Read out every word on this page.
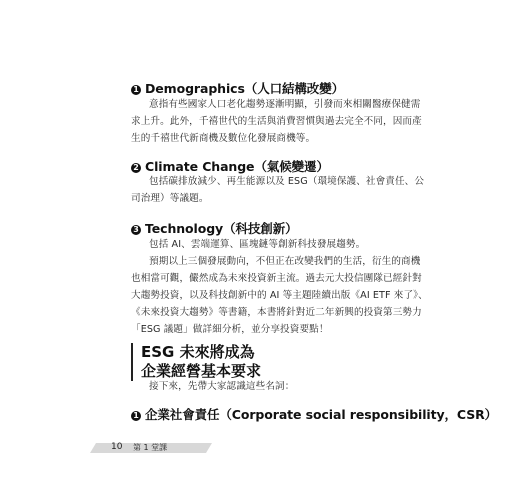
1 Demographics（人口結構改變）
意指有些國家人口老化趨勢逐漸明顯，引發而來相關醫療保健需
求上升。此外，千禧世代的生活與消費習慣與過去完全不同，因而產
生的千禧世代新商機及數位化發展商機等。
2 Climate Change（氣候變遷）
包括碳排放減少、再生能源以及 ESG（環境保護、社會責任、公
司治理）等議題。
3 Technology（科技創新）
包括 AI、雲端運算、區塊鏈等創新科技發展趨勢。
預期以上三個發展動向，不但正在改變我們的生活，衍生的商機
也相當可觀，儼然成為未來投資新主流。過去元大投信團隊已經針對
大趨勢投資，以及科技創新中的 AI 等主題陸續出版《AI ETF 來了》、
《未來投資大趨勢》等書籍，本書將針對近二年新興的投資第三勢力
「ESG 議題」做詳細分析，並分享投資要點！
ESG 未來將成為
企業經營基本要求
接下來，先帶大家認識這些名詞：
1 企業社會責任（Corporate social responsibility，CSR）
10 第 1 堂課
